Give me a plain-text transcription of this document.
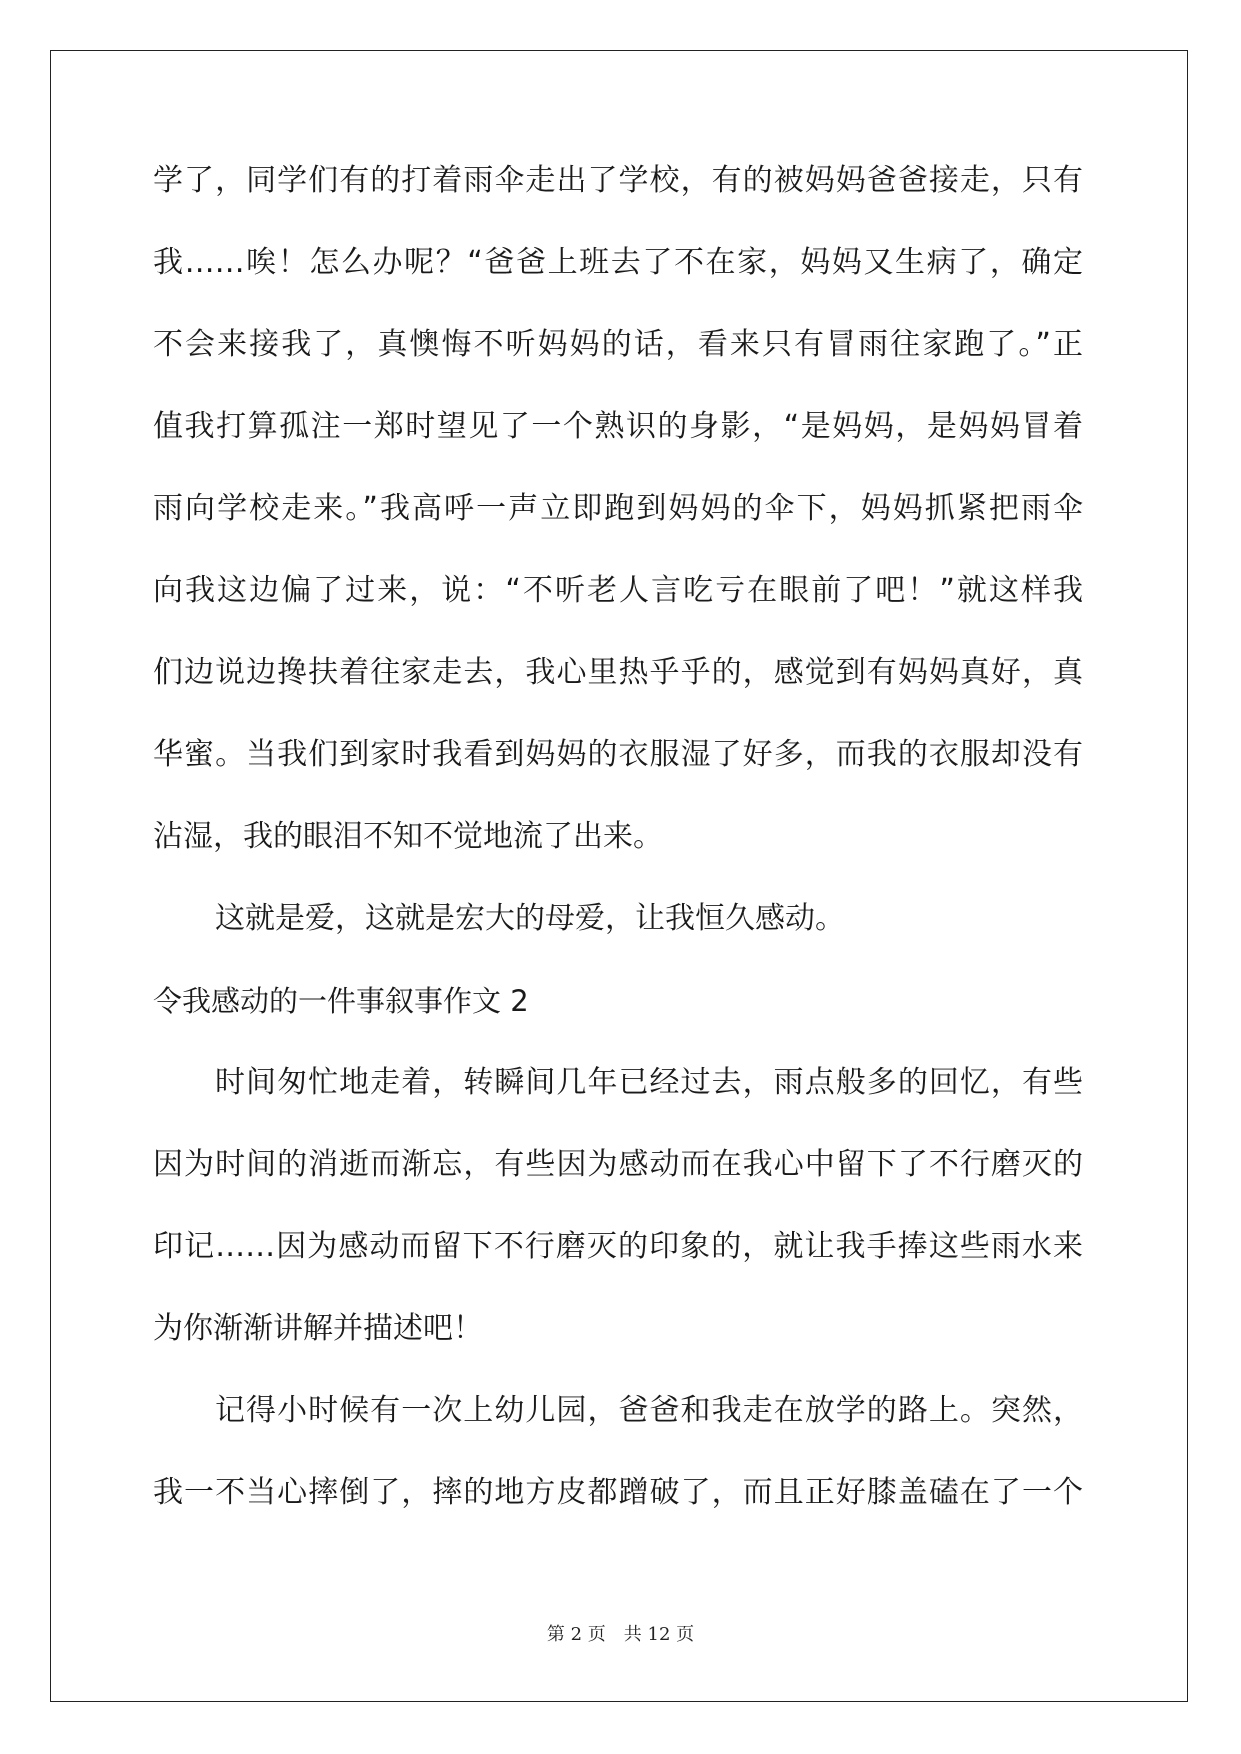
学了，同学们有的打着雨伞走出了学校，有的被妈妈爸爸接走，只有
我……唉！怎么办呢？“爸爸上班去了不在家，妈妈又生病了，确定
不会来接我了，真懊悔不听妈妈的话，看来只有冒雨往家跑了。”正
值我打算孤注一郑时望见了一个熟识的身影，“是妈妈，是妈妈冒着
雨向学校走来。”我高呼一声立即跑到妈妈的伞下，妈妈抓紧把雨伞
向我这边偏了过来，说：“不听老人言吃亏在眼前了吧！”就这样我
们边说边搀扶着往家走去，我心里热乎乎的，感觉到有妈妈真好，真
华蜜。当我们到家时我看到妈妈的衣服湿了好多，而我的衣服却没有
沾湿，我的眼泪不知不觉地流了出来。
这就是爱，这就是宏大的母爱，让我恒久感动。
令我感动的一件事叙事作文 2
时间匆忙地走着，转瞬间几年已经过去，雨点般多的回忆，有些
因为时间的消逝而渐忘，有些因为感动而在我心中留下了不行磨灭的
印记……因为感动而留下不行磨灭的印象的，就让我手捧这些雨水来
为你渐渐讲解并描述吧！
记得小时候有一次上幼儿园，爸爸和我走在放学的路上。突然，
我一不当心摔倒了，摔的地方皮都蹭破了，而且正好膝盖磕在了一个
第 2 页　共 12 页
